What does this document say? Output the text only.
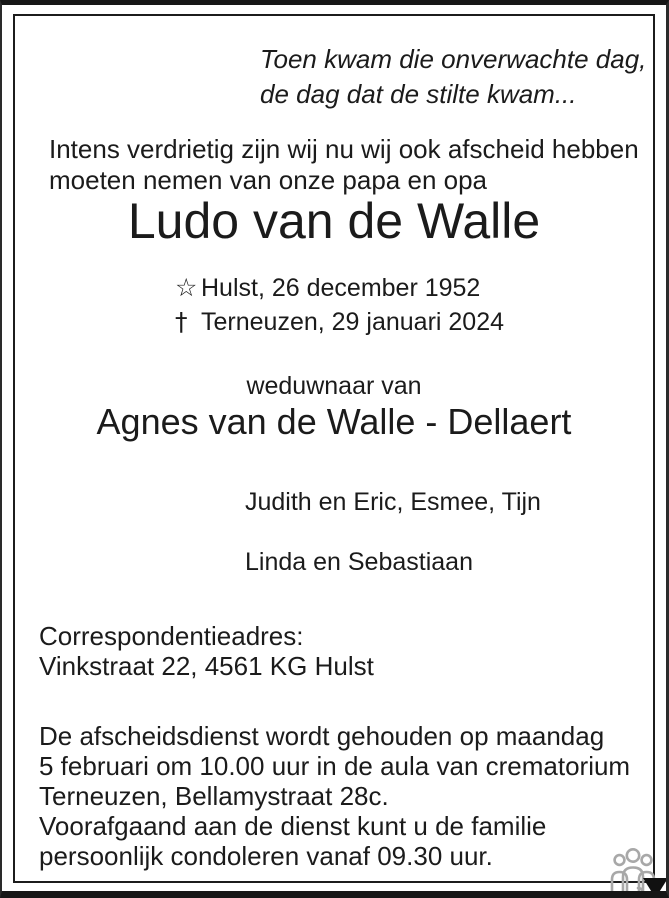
Toen kwam die onverwachte dag,
de dag dat de stilte kwam...
Intens verdrietig zijn wij nu wij ook afscheid hebben
moeten nemen van onze papa en opa
Ludo van de Walle
☆ Hulst, 26 december 1952
† Terneuzen, 29 januari 2024
weduwnaar van
Agnes van de Walle - Dellaert
Judith en Eric, Esmee, Tijn
Linda en Sebastiaan
Correspondentieadres:
Vinkstraat 22, 4561 KG Hulst
De afscheidsdienst wordt gehouden op maandag
5 februari om 10.00 uur in de aula van crematorium
Terneuzen, Bellamystraat 28c.
Voorafgaand aan de dienst kunt u de familie
persoonlijk condoleren vanaf 09.30 uur.
